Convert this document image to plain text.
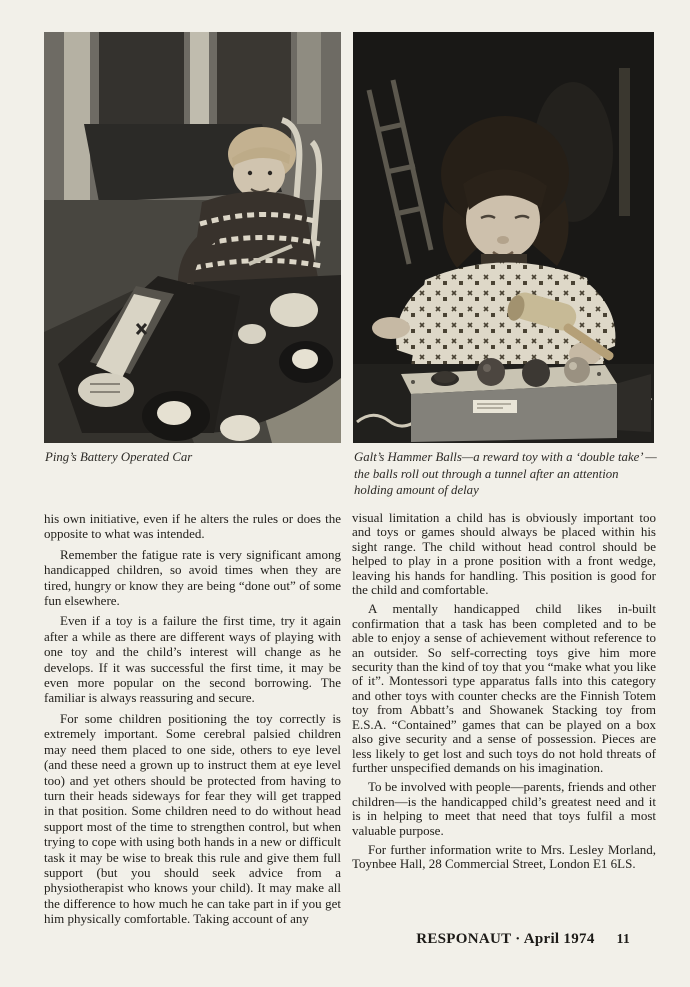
Ping’s Battery Operated Car	Galt’s Hammer Balls—a reward toy with a ‘double take’ — the balls roll out through a tunnel after an attention holding amount of delay

his own initiative, even if he alters the rules or does the opposite to what was intended.

Remember the fatigue rate is very significant among handicapped children, so avoid times when they are tired, hungry or know they are being “done out” of some fun elsewhere.

Even if a toy is a failure the first time, try it again after a while as there are different ways of playing with one toy and the child’s interest will change as he develops. If it was successful the first time, it may be even more popular on the second borrowing. The familiar is always reassuring and secure.

For some children positioning the toy correctly is extremely important. Some cerebral palsied children may need them placed to one side, others to eye level (and these need a grown up to instruct them at eye level too) and yet others should be protected from having to turn their heads sideways for fear they will get trapped in that position. Some children need to do without head support most of the time to strengthen control, but when trying to cope with using both hands in a new or difficult task it may be wise to break this rule and give them full support (but you should seek advice from a physiotherapist who knows your child). It may make all the difference to how much he can take part in if you get him physically comfortable. Taking account of any

visual limitation a child has is obviously important too and toys or games should always be placed within his sight range. The child without head control should be helped to play in a prone position with a front wedge, leaving his hands for handling. This position is good for the child and comfortable.

A mentally handicapped child likes in-built confirmation that a task has been completed and to be able to enjoy a sense of achievement without reference to an outsider. So self-correcting toys give him more security than the kind of toy that you “make what you like of it”. Montessori type apparatus falls into this category and other toys with counter checks are the Finnish Totem toy from Abbatt’s and Showanek Stacking toy from E.S.A. “Contained” games that can be played on a box also give security and a sense of possession. Pieces are less likely to get lost and such toys do not hold threats of further unspecified demands on his imagination.

To be involved with people—parents, friends and other children—is the handicapped child’s greatest need and it is in helping to meet that need that toys fulfil a most valuable purpose.

For further information write to Mrs. Lesley Morland, Toynbee Hall, 28 Commercial Street, London E1 6LS.

RESPONAUT · April 1974 11
